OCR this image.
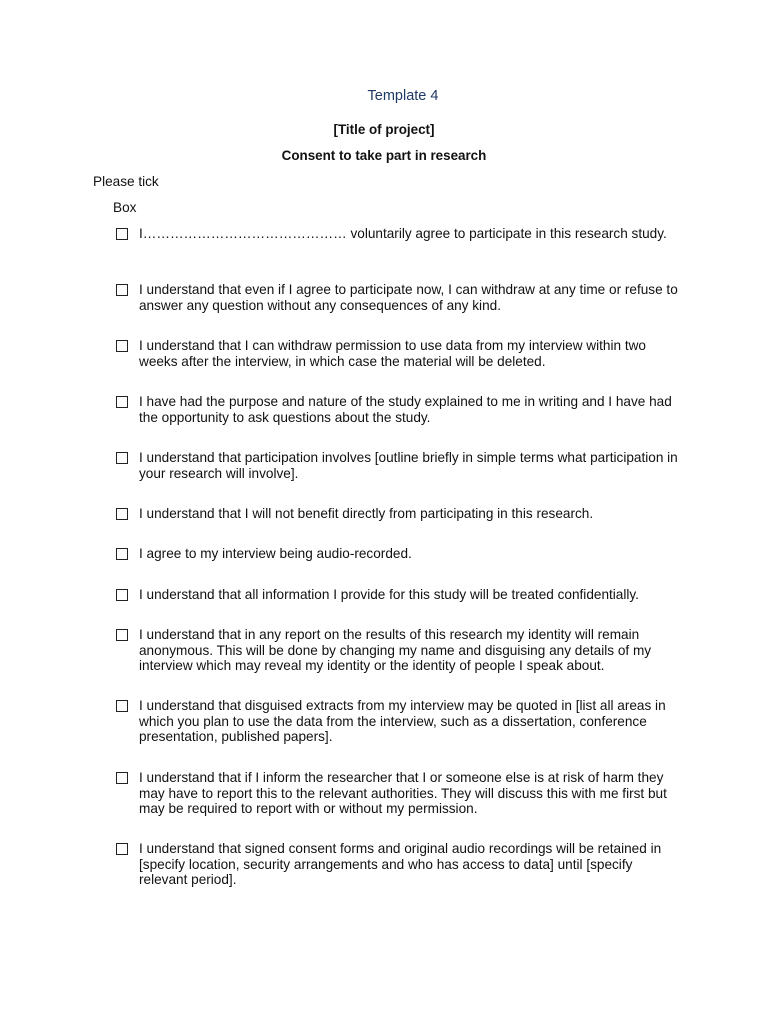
Template 4
[Title of project]
Consent to take part in research
Please tick
Box
I……………………………………… voluntarily agree to participate in this research study.
I understand that even if I agree to participate now, I can withdraw at any time or refuse to answer any question without any consequences of any kind.
I understand that I can withdraw permission to use data from my interview within two weeks after the interview, in which case the material will be deleted.
I have had the purpose and nature of the study explained to me in writing and I have had the opportunity to ask questions about the study.
I understand that participation involves [outline briefly in simple terms what participation in your research will involve].
I understand that I will not benefit directly from participating in this research.
I agree to my interview being audio-recorded.
I understand that all information I provide for this study will be treated confidentially.
I understand that in any report on the results of this research my identity will remain anonymous. This will be done by changing my name and disguising any details of my interview which may reveal my identity or the identity of people I speak about.
I understand that disguised extracts from my interview may be quoted in [list all areas in which you plan to use the data from the interview, such as a dissertation, conference presentation, published papers].
I understand that if I inform the researcher that I or someone else is at risk of harm they may have to report this to the relevant authorities. They will discuss this with me first but may be required to report with or without my permission.
I understand that signed consent forms and original audio recordings will be retained in [specify location, security arrangements and who has access to data] until [specify relevant period].
